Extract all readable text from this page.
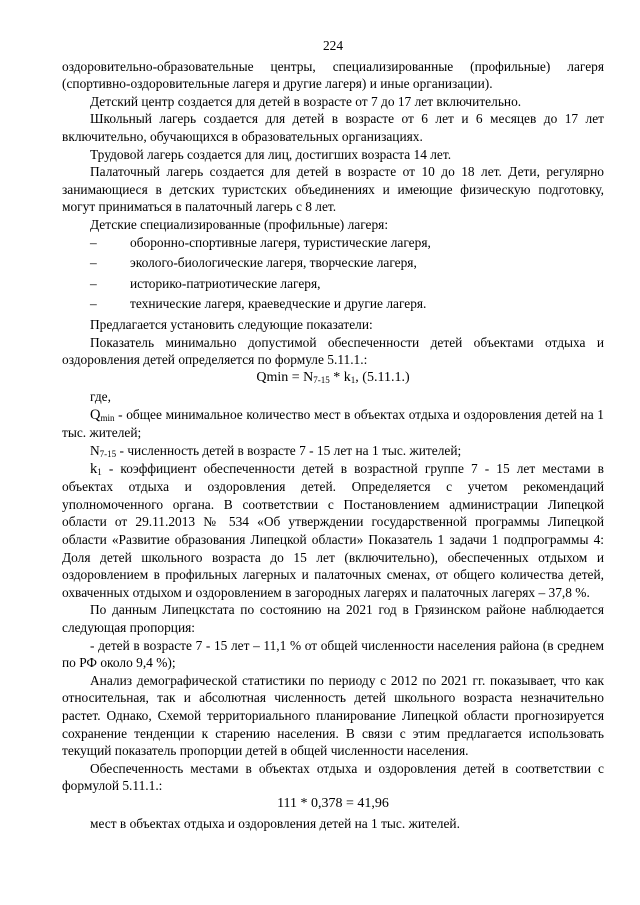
224

оздоровительно-образовательные центры, специализированные (профильные) лагеря (спортивно-оздоровительные лагеря и другие лагеря) и иные организации).

Детский центр создается для детей в возрасте от 7 до 17 лет включительно.

Школьный лагерь создается для детей в возрасте от 6 лет и 6 месяцев до 17 лет включительно, обучающихся в образовательных организациях.

Трудовой лагерь создается для лиц, достигших возраста 14 лет.

Палаточный лагерь создается для детей в возрасте от 10 до 18 лет. Дети, регулярно занимающиеся в детских туристских объединениях и имеющие физическую подготовку, могут приниматься в палаточный лагерь с 8 лет.

Детские специализированные (профильные) лагеря:

–	оборонно-спортивные лагеря, туристические лагеря,
–	эколого-биологические лагеря, творческие лагеря,
–	историко-патриотические лагеря,
–	технические лагеря, краеведческие и другие лагеря.

Предлагается установить следующие показатели:

Показатель минимально допустимой обеспеченности детей объектами отдыха и оздоровления детей определяется по формуле 5.11.1.:

$Qmin = N_{7-15} * k_1$, (5.11.1.)

где,

$Q_{min}$ - общее минимальное количество мест в объектах отдыха и оздоровления детей на 1 тыс. жителей;

$N_{7-15}$ - численность детей в возрасте 7 - 15 лет на 1 тыс. жителей;

$k_1$ - коэффициент обеспеченности детей в возрастной группе 7 - 15 лет местами в объектах отдыха и оздоровления детей. Определяется с учетом рекомендаций уполномоченного органа. В соответствии с Постановлением администрации Липецкой области от 29.11.2013 № 534 «Об утверждении государственной программы Липецкой области «Развитие образования Липецкой области» Показатель 1 задачи 1 подпрограммы 4: Доля детей школьного возраста до 15 лет (включительно), обеспеченных отдыхом и оздоровлением в профильных лагерных и палаточных сменах, от общего количества детей, охваченных отдыхом и оздоровлением в загородных лагерях и палаточных лагерях – 37,8 %.

По данным Липецкстата по состоянию на 2021 год в Грязинском районе наблюдается следующая пропорция:

- детей в возрасте 7 - 15 лет – 11,1 % от общей численности населения района (в среднем по РФ около 9,4 %);

Анализ демографической статистики по периоду с 2012 по 2021 гг. показывает, что как относительная, так и абсолютная численность детей школьного возраста незначительно растет. Однако, Схемой территориального планирование Липецкой области прогнозируется сохранение тенденции к старению населения. В связи с этим предлагается использовать текущий показатель пропорции детей в общей численности населения.

Обеспеченность местами в объектах отдыха и оздоровления детей в соответствии с формулой 5.11.1.:

111 * 0,378 = 41,96

мест в объектах отдыха и оздоровления детей на 1 тыс. жителей.
